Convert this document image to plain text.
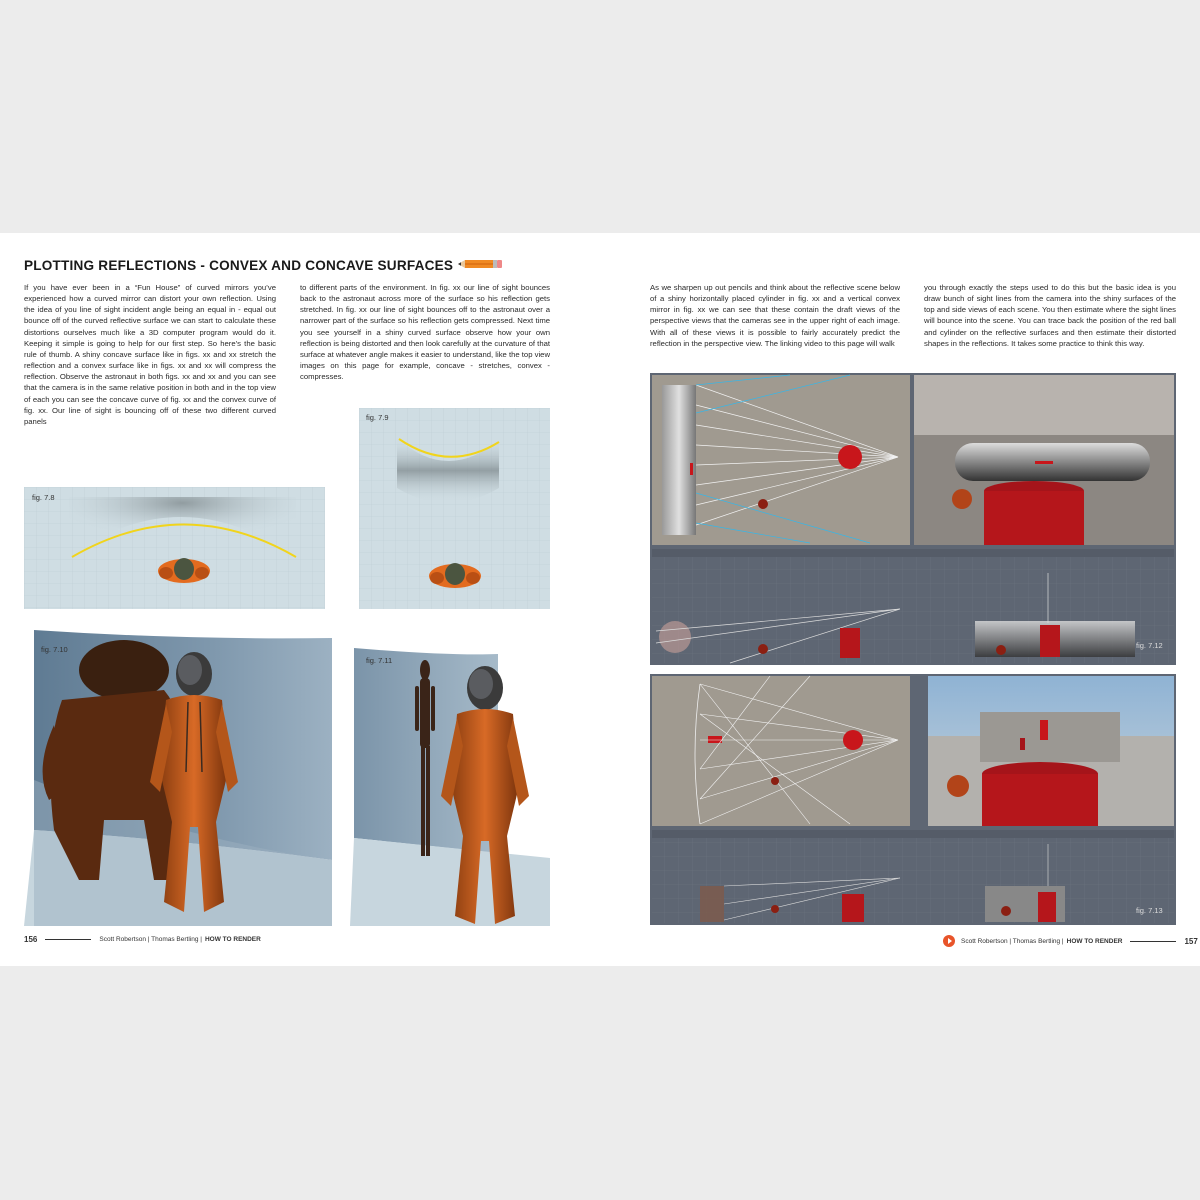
PLOTTING REFLECTIONS - CONVEX AND CONCAVE SURFACES
If you have ever been in a “Fun House” of curved mirrors you’ve experienced how a curved mirror can distort your own reflection. Using the idea of you line of sight incident angle being an equal in - equal out bounce off of the curved reflective surface we can start to calculate these distortions ourselves much like a 3D computer program would do it. Keeping it simple is going to help for our first step. So here’s the basic rule of thumb. A shiny concave surface like in figs. xx and xx stretch the reflection and a convex surface like in figs. xx and xx will compress the reflection. Observe the astronaut in both figs. xx and xx and you can see that the camera is in the same relative position in both and in the top view of each you can see the concave curve of fig. xx and the convex curve of fig. xx. Our line of sight is bouncing off of these two different curved panels
to different parts of the environment. In fig. xx our line of sight bounces back to the astronaut across more of the surface so his reflection gets stretched. In fig. xx our line of sight bounces off to the astronaut over a narrower part of the surface so his reflection gets compressed. Next time you see yourself in a shiny curved surface observe how your own reflection is being distorted and then look carefully at the curvature of that surface at whatever angle makes it easier to understand, like the top view images on this page for example, concave - stretches, convex - compresses.
fig. 7.8
fig. 7.9
fig. 7.10
fig. 7.11
156	Scott Robertson | Thomas Bertling | HOW TO RENDER
As we sharpen up out pencils and think about the reflective scene below of a shiny horizontally placed cylinder in fig. xx and a vertical convex mirror in fig. xx we can see that these contain the draft views of the perspective views that the cameras see in the upper right of each image. With all of these views it is possible to fairly accurately predict the reflection in the perspective view. The linking video to this page will walk
you through exactly the steps used to do this but the basic idea is you draw bunch of sight lines from the camera into the shiny surfaces of the top and side views of each scene. You then estimate where the sight lines will bounce into the scene. You can trace back the position of the red ball and cylinder on the reflective surfaces and then estimate their distorted shapes in the reflections. It takes some practice to think this way.
fig. 7.12
fig. 7.13
Scott Robertson | Thomas Bertling | HOW TO RENDER	157
